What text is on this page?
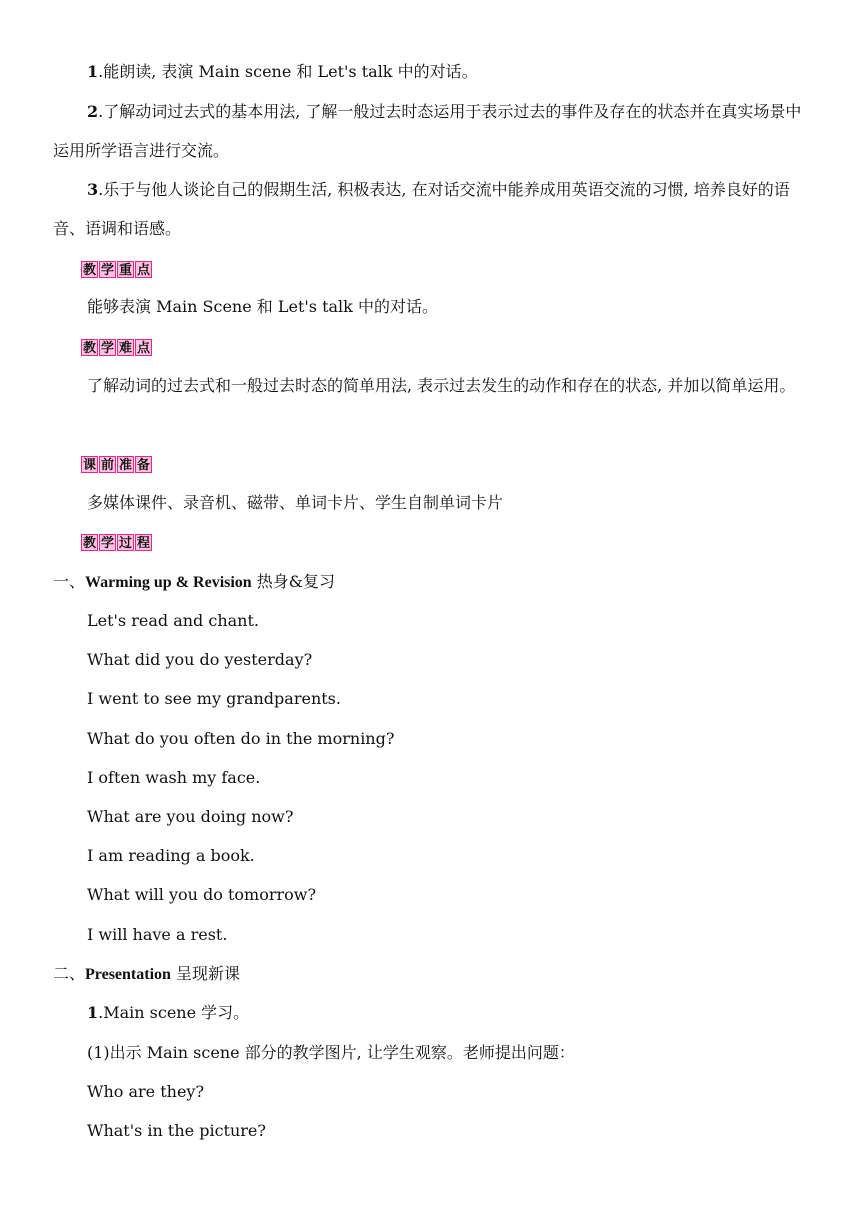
1.能朗读, 表演 Main scene 和 Let's talk 中的对话。

2.了解动词过去式的基本用法, 了解一般过去时态运用于表示过去的事件及存在的状态并在真实场景中运用所学语言进行交流。

3.乐于与他人谈论自己的假期生活, 积极表达, 在对话交流中能养成用英语交流的习惯, 培养良好的语音、语调和语感。

教 学 重 点

能够表演 Main Scene 和 Let's talk 中的对话。

教 学 难 点

了解动词的过去式和一般过去时态的简单用法, 表示过去发生的动作和存在的状态, 并加以简单运用。

课 前 准 备

多媒体课件、录音机、磁带、单词卡片、学生自制单词卡片

教 学 过 程

一、Warming up & Revision 热身&复习

Let's read and chant.

What did you do yesterday?

I went to see my grandparents.

What do you often do in the morning?

I often wash my face.

What are you doing now?

I am reading a book.

What will you do tomorrow?

I will have a rest.

二、Presentation 呈现新课

1.Main scene 学习。

(1)出示 Main scene 部分的教学图片, 让学生观察。老师提出问题：

Who are they?

What's in the picture?
